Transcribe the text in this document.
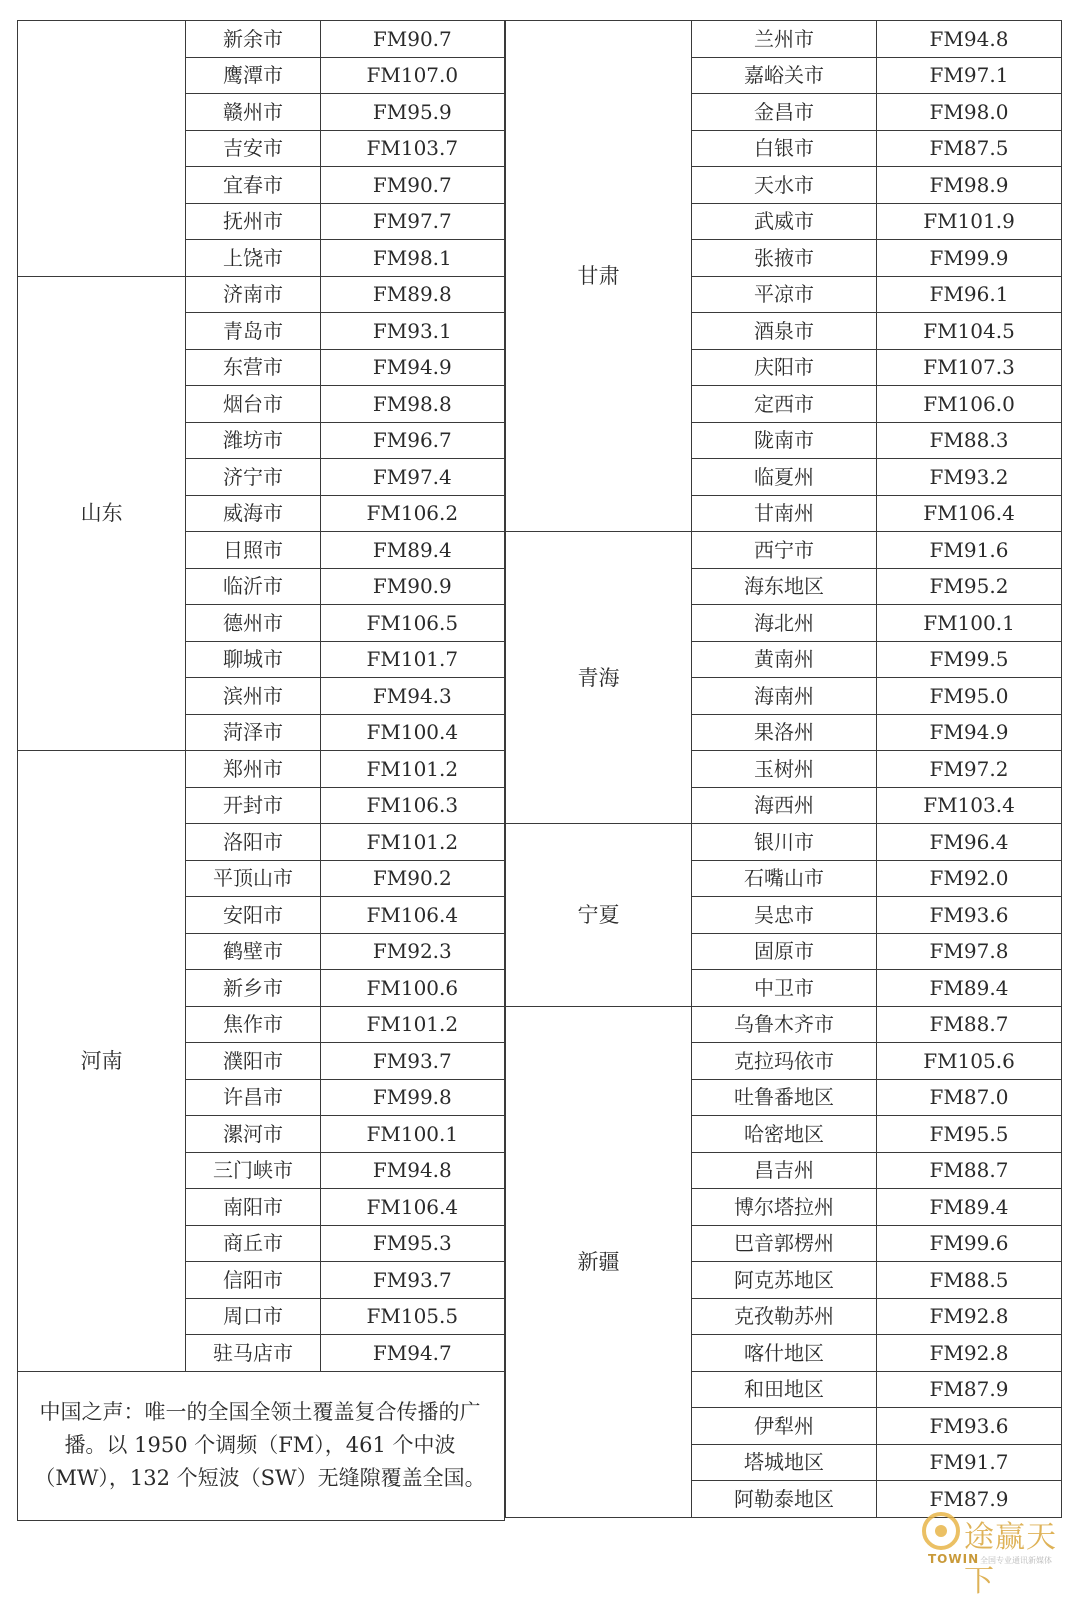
	新余市	FM90.7
	鹰潭市	FM107.0
	赣州市	FM95.9
	吉安市	FM103.7
	宜春市	FM90.7
	抚州市	FM97.7
	上饶市	FM98.1
山东	济南市	FM89.8
	青岛市	FM93.1
	东营市	FM94.9
	烟台市	FM98.8
	潍坊市	FM96.7
	济宁市	FM97.4
	威海市	FM106.2
	日照市	FM89.4
	临沂市	FM90.9
	德州市	FM106.5
	聊城市	FM101.7
	滨州市	FM94.3
	菏泽市	FM100.4
河南	郑州市	FM101.2
	开封市	FM106.3
	洛阳市	FM101.2
	平顶山市	FM90.2
	安阳市	FM106.4
	鹤壁市	FM92.3
	新乡市	FM100.6
	焦作市	FM101.2
	濮阳市	FM93.7
	许昌市	FM99.8
	漯河市	FM100.1
	三门峡市	FM94.8
	南阳市	FM106.4
	商丘市	FM95.3
	信阳市	FM93.7
	周口市	FM105.5
	驻马店市	FM94.7
中国之声：唯一的全国全领土覆盖复合传播的广播。以 1950 个调频（FM），461 个中波（MW），132 个短波（SW）无缝隙覆盖全国。		

甘肃	兰州市	FM94.8
	嘉峪关市	FM97.1
	金昌市	FM98.0
	白银市	FM87.5
	天水市	FM98.9
	武威市	FM101.9
	张掖市	FM99.9
	平凉市	FM96.1
	酒泉市	FM104.5
	庆阳市	FM107.3
	定西市	FM106.0
	陇南市	FM88.3
	临夏州	FM93.2
	甘南州	FM106.4
青海	西宁市	FM91.6
	海东地区	FM95.2
	海北州	FM100.1
	黄南州	FM99.5
	海南州	FM95.0
	果洛州	FM94.9
	玉树州	FM97.2
	海西州	FM103.4
宁夏	银川市	FM96.4
	石嘴山市	FM92.0
	吴忠市	FM93.6
	固原市	FM97.8
	中卫市	FM89.4
新疆	乌鲁木齐市	FM88.7
	克拉玛依市	FM105.6
	吐鲁番地区	FM87.0
	哈密地区	FM95.5
	昌吉州	FM88.7
	博尔塔拉州	FM89.4
	巴音郭楞州	FM99.6
	阿克苏地区	FM88.5
	克孜勒苏州	FM92.8
	喀什地区	FM92.8
	和田地区	FM87.9
	伊犁州	FM93.6
	塔城地区	FM91.7
	阿勒泰地区	FM87.9
途赢天下
TOWIN 全国专业通讯新媒体
